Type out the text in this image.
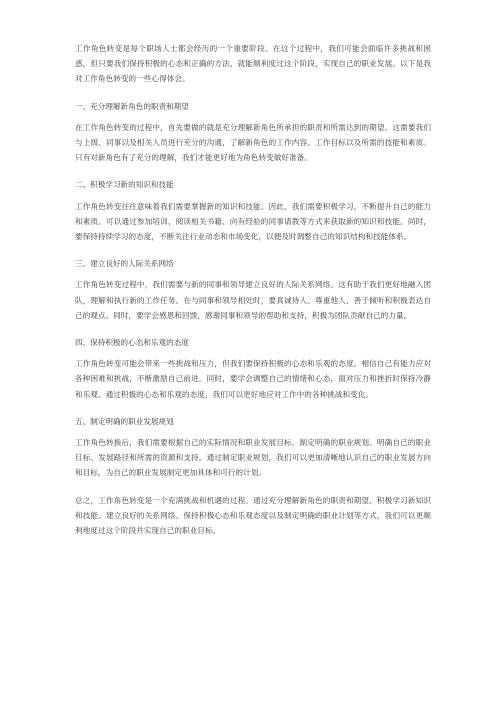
工作角色转变是每个职场人士都会经历的一个重要阶段。在这个过程中，我们可能会面临许多挑战和困惑，但只要我们保持积极的心态和正确的方法，就能顺利度过这个阶段，实现自己的职业发展。以下是我对工作角色转变的一些心得体会。

一、充分理解新角色的职责和期望

在工作角色转变的过程中，首先要做的就是充分理解新角色所承担的职责和所需达到的期望。这需要我们与上级、同事以及相关人员进行充分的沟通，了解新角色的工作内容、工作目标以及所需的技能和素质。只有对新角色有了充分的理解，我们才能更好地为角色转变做好准备。

二、积极学习新的知识和技能

工作角色转变往往意味着我们需要掌握新的知识和技能。因此，我们需要积极学习，不断提升自己的能力和素质。可以通过参加培训、阅读相关书籍、向有经验的同事请教等方式来获取新的知识和技能。同时，要保持持续学习的态度，不断关注行业动态和市场变化，以便及时调整自己的知识结构和技能体系。

三、建立良好的人际关系网络

工作角色转变过程中，我们需要与新的同事和领导建立良好的人际关系网络。这有助于我们更好地融入团队，理解和执行新的工作任务。在与同事和领导相处时，要真诚待人、尊重他人、善于倾听和积极表达自己的观点。同时，要学会感恩和回馈，感谢同事和领导的帮助和支持，积极为团队贡献自己的力量。

四、保持积极的心态和乐观的态度

工作角色转变可能会带来一些挑战和压力，但我们要保持积极的心态和乐观的态度。相信自己有能力应对各种困难和挑战，不断激励自己前进。同时，要学会调整自己的情绪和心态，面对压力和挫折时保持冷静和乐观。通过积极的心态和乐观的态度，我们可以更好地应对工作中的各种挑战和变化。

五、制定明确的职业发展规划

工作角色转换后，我们需要根据自己的实际情况和职业发展目标，制定明确的职业规划。明确自己的职业目标、发展路径和所需的资源和支持。通过制定职业规划，我们可以更加清晰地认识自己的职业发展方向和目标，为自己的职业发展制定更加具体和可行的计划。

总之，工作角色转变是一个充满挑战和机遇的过程。通过充分理解新角色的职责和期望、积极学习新知识和技能、建立良好的关系网络、保持积极心态和乐观态度以及制定明确的职业计划等方式，我们可以更顺利地度过这个阶段并实现自己的职业目标。
